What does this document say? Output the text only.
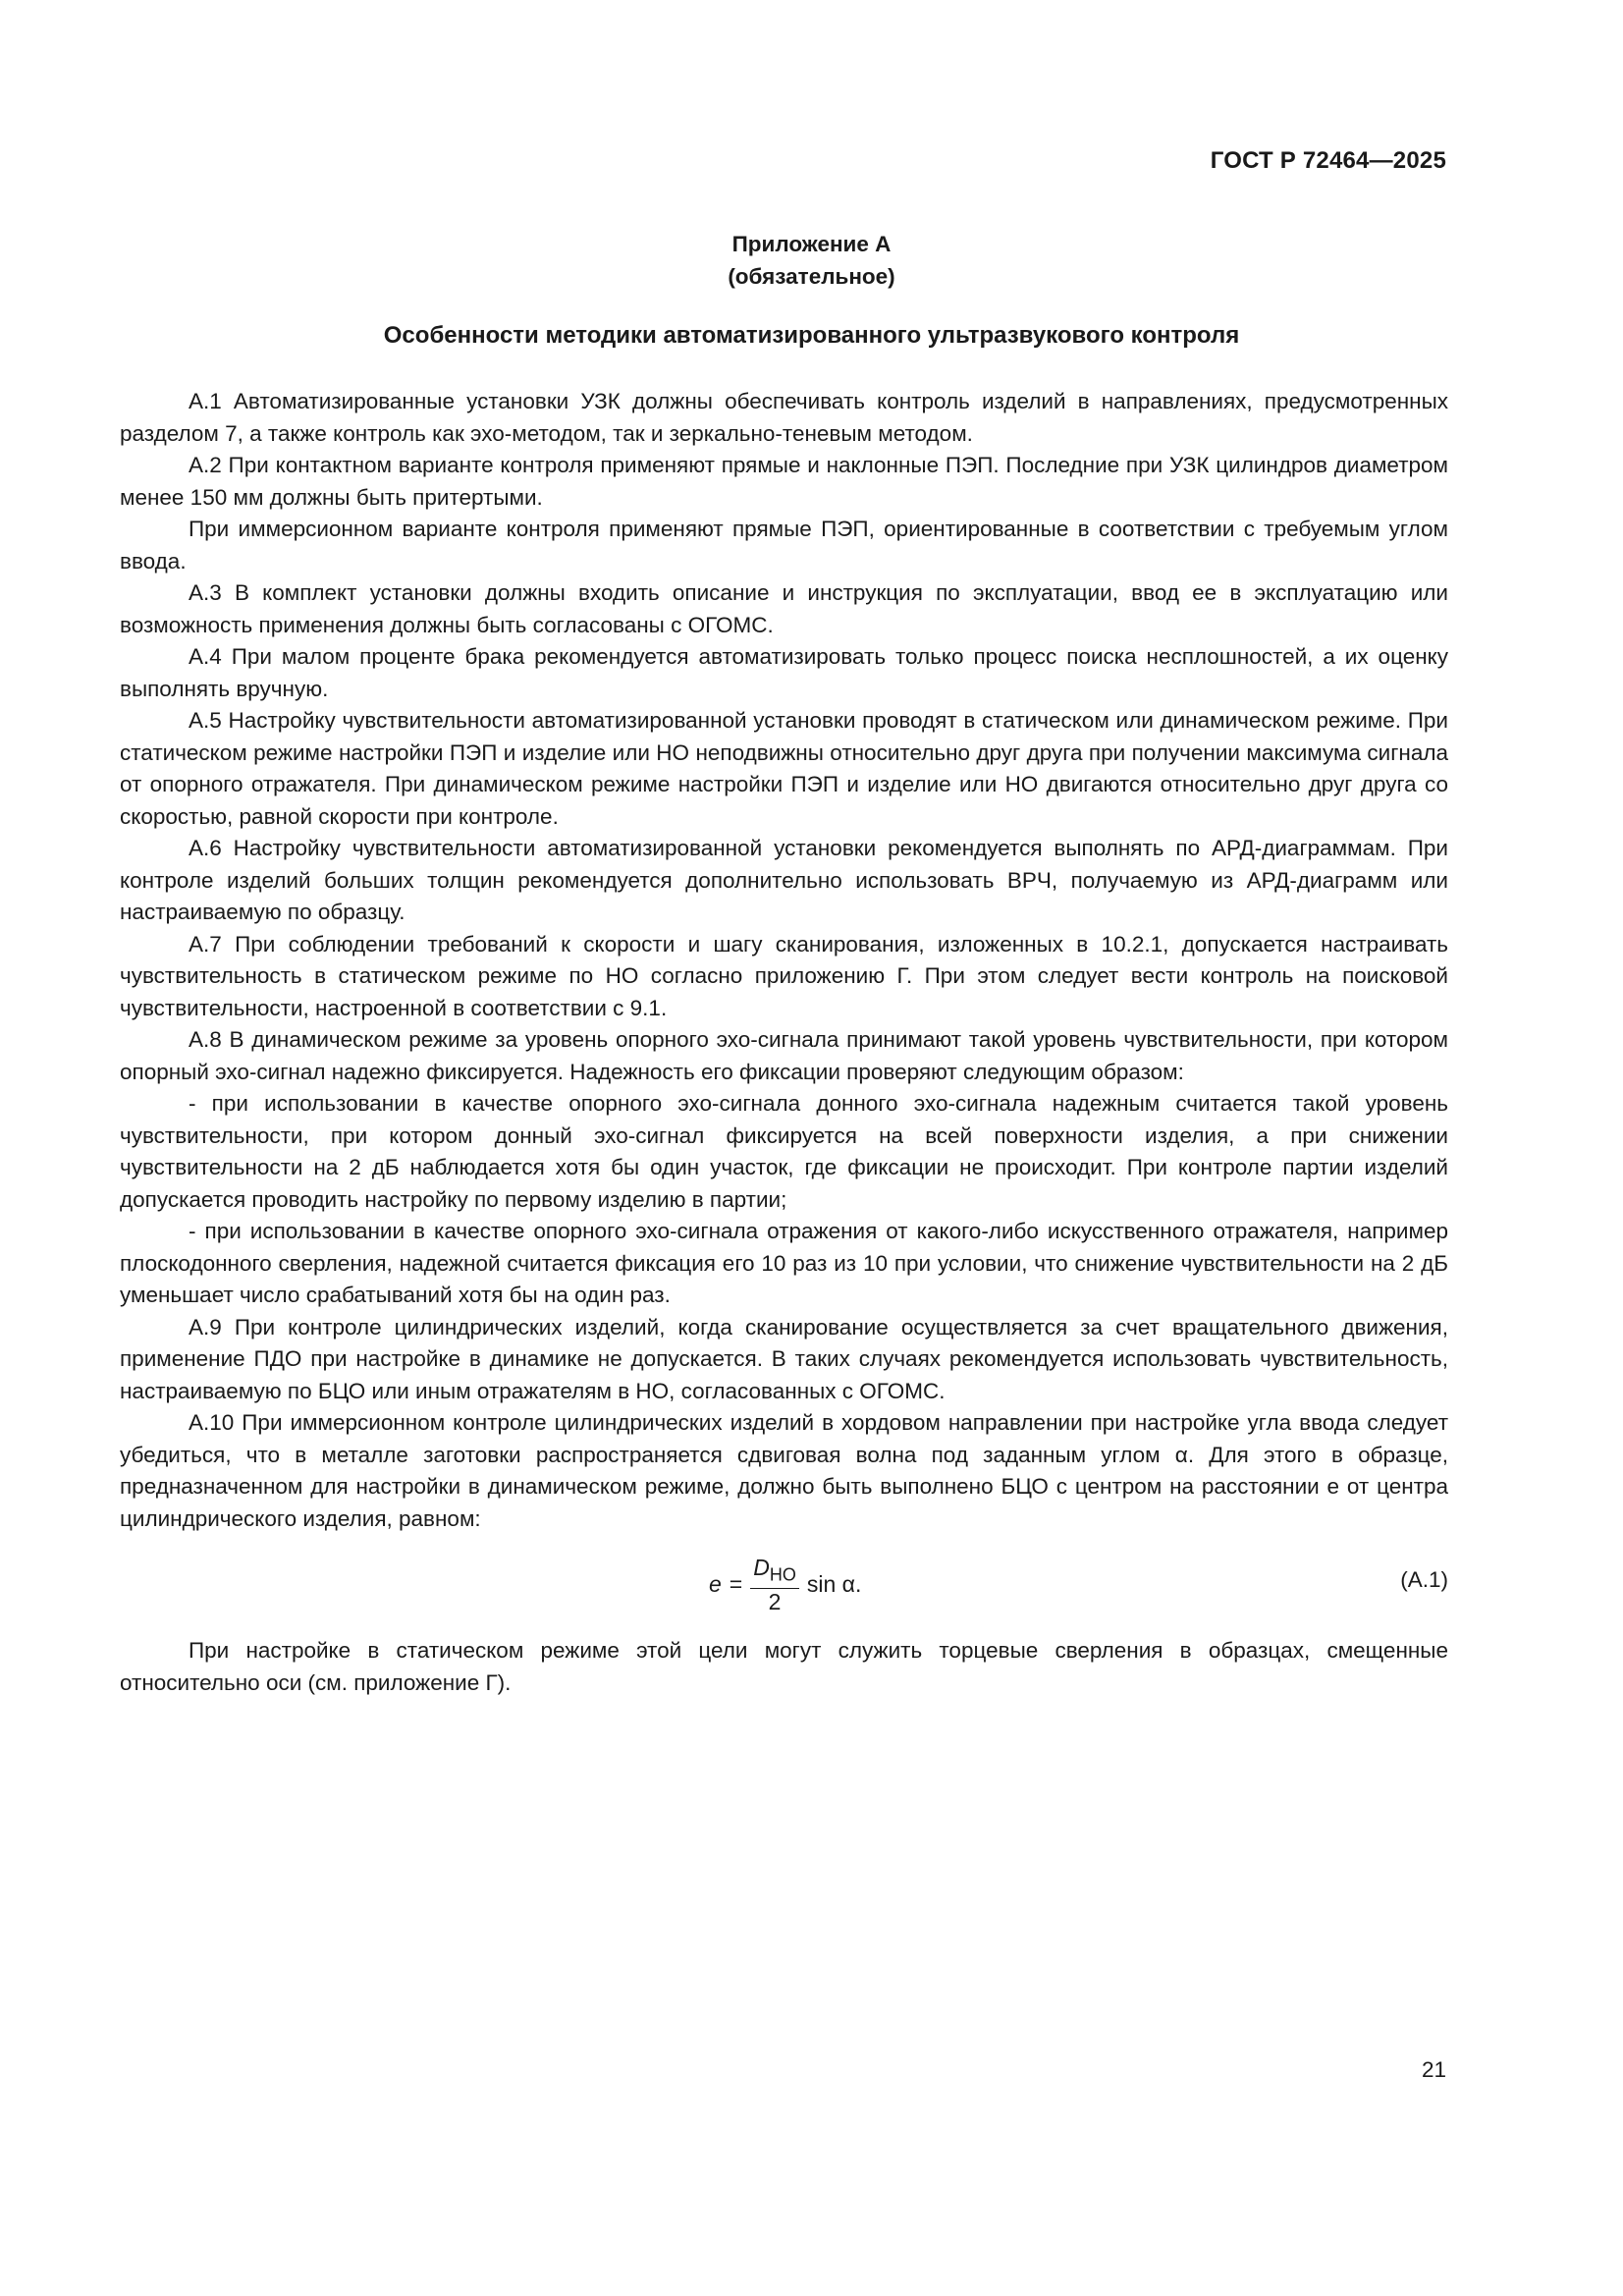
ГОСТ Р 72464—2025
Приложение А
(обязательное)
Особенности методики автоматизированного ультразвукового контроля

А.1 Автоматизированные установки УЗК должны обеспечивать контроль изделий в направлениях, предусмотренных разделом 7, а также контроль как эхо-методом, так и зеркально-теневым методом.

А.2 При контактном варианте контроля применяют прямые и наклонные ПЭП. Последние при УЗК цилиндров диаметром менее 150 мм должны быть притертыми.

При иммерсионном варианте контроля применяют прямые ПЭП, ориентированные в соответствии с требуемым углом ввода.

А.3 В комплект установки должны входить описание и инструкция по эксплуатации, ввод ее в эксплуатацию или возможность применения должны быть согласованы с ОГОМС.

А.4 При малом проценте брака рекомендуется автоматизировать только процесс поиска несплошностей, а их оценку выполнять вручную.

А.5 Настройку чувствительности автоматизированной установки проводят в статическом или динамическом режиме. При статическом режиме настройки ПЭП и изделие или НО неподвижны относительно друг друга при получении максимума сигнала от опорного отражателя. При динамическом режиме настройки ПЭП и изделие или НО двигаются относительно друг друга со скоростью, равной скорости при контроле.

А.6 Настройку чувствительности автоматизированной установки рекомендуется выполнять по АРД-диаграммам. При контроле изделий больших толщин рекомендуется дополнительно использовать ВРЧ, получаемую из АРД-диаграмм или настраиваемую по образцу.

А.7 При соблюдении требований к скорости и шагу сканирования, изложенных в 10.2.1, допускается настраивать чувствительность в статическом режиме по НО согласно приложению Г. При этом следует вести контроль на поисковой чувствительности, настроенной в соответствии с 9.1.

А.8 В динамическом режиме за уровень опорного эхо-сигнала принимают такой уровень чувствительности, при котором опорный эхо-сигнал надежно фиксируется. Надежность его фиксации проверяют следующим образом:

- при использовании в качестве опорного эхо-сигнала донного эхо-сигнала надежным считается такой уровень чувствительности, при котором донный эхо-сигнал фиксируется на всей поверхности изделия, а при снижении чувствительности на 2 дБ наблюдается хотя бы один участок, где фиксации не происходит. При контроле партии изделий допускается проводить настройку по первому изделию в партии;

- при использовании в качестве опорного эхо-сигнала отражения от какого-либо искусственного отражателя, например плоскодонного сверления, надежной считается фиксация его 10 раз из 10 при условии, что снижение чувствительности на 2 дБ уменьшает число срабатываний хотя бы на один раз.

А.9 При контроле цилиндрических изделий, когда сканирование осуществляется за счет вращательного движения, применение ПДО при настройке в динамике не допускается. В таких случаях рекомендуется использовать чувствительность, настраиваемую по БЦО или иным отражателям в НО, согласованных с ОГОМС.

А.10 При иммерсионном контроле цилиндрических изделий в хордовом направлении при настройке угла ввода следует убедиться, что в металле заготовки распространяется сдвиговая волна под заданным углом α. Для этого в образце, предназначенном для настройки в динамическом режиме, должно быть выполнено БЦО с центром на расстоянии e от центра цилиндрического изделия, равном:

$e = \frac{D_{НО}}{2}$ sin α.	(А.1)

При настройке в статическом режиме этой цели могут служить торцевые сверления в образцах, смещенные относительно оси (см. приложение Г).

21
